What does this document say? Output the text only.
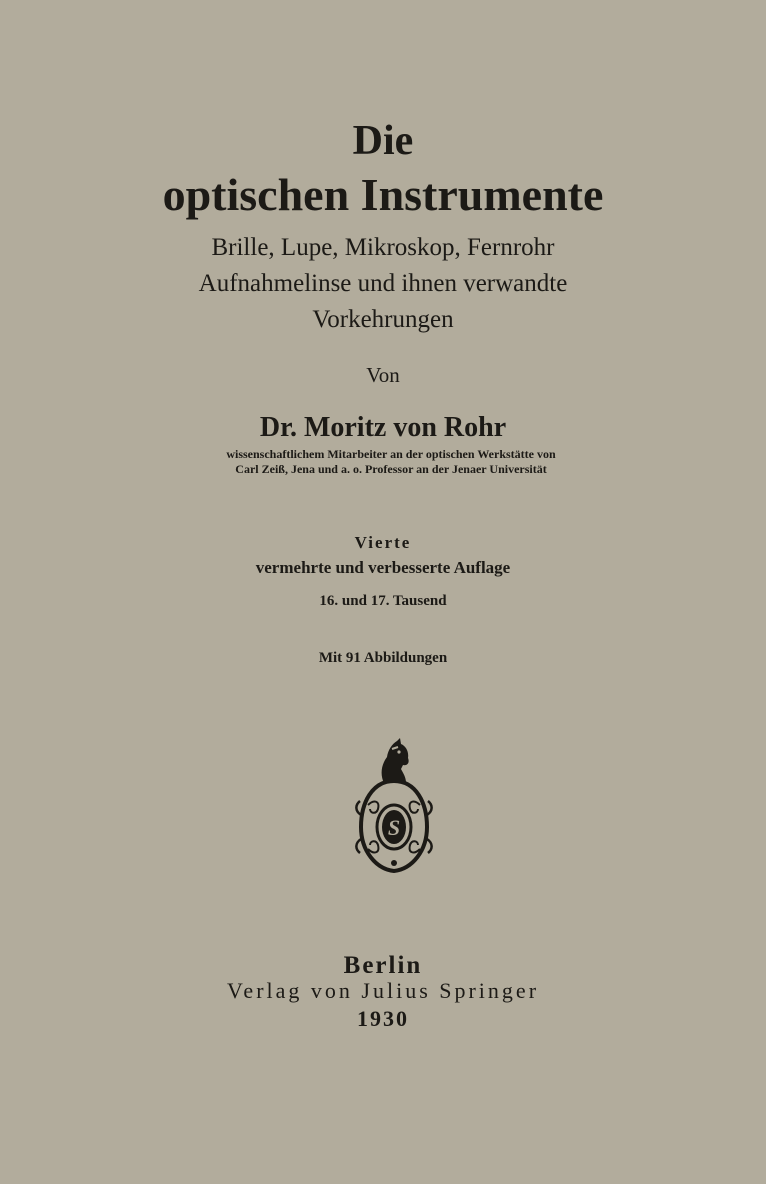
Die
optischen Instrumente

Brille, Lupe, Mikroskop, Fernrohr

Aufnahmelinse und ihnen verwandte

Vorkehrungen

Von

Dr. Moritz von Rohr

wissenschaftlichem Mitarbeiter an der optischen Werkstätte von

Carl Zeiß, Jena und a. o. Professor an der Jenaer Universität

Vierte

vermehrte und verbesserte Auflage

16. und 17. Tausend

Mit 91 Abbildungen

S

Berlin

Verlag von Julius Springer

1930
